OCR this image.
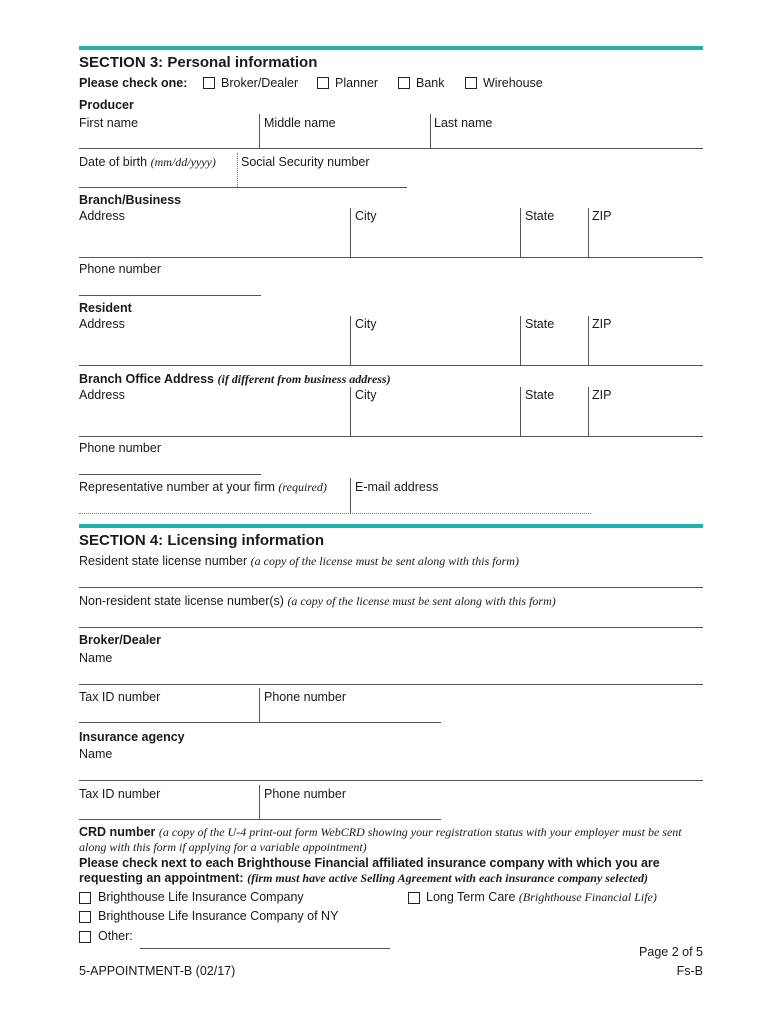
SECTION 3: Personal information
Please check one:	Broker/Dealer	Planner	Bank	Wirehouse
Producer
First name	Middle name	Last name
Date of birth (mm/dd/yyyy) Social Security number
Branch/Business
Address	City	State	ZIP
Phone number
Resident
Address	City	State	ZIP
Branch Office Address (if different from business address)
Address	City	State	ZIP
Phone number
Representative number at your firm (required) E-mail address
SECTION 4: Licensing information
Resident state license number (a copy of the license must be sent along with this form)
Non-resident state license number(s) (a copy of the license must be sent along with this form)
Broker/Dealer
Name
Tax ID number	Phone number
Insurance agency
Name
Tax ID number	Phone number
CRD number (a copy of the U-4 print-out form WebCRD showing your registration status with your employer must be sent along with this form if applying for a variable appointment)
Please check next to each Brighthouse Financial affiliated insurance company with which you are
requesting an appointment: (firm must have active Selling Agreement with each insurance company selected)
Brighthouse Life Insurance Company	Long Term Care (Brighthouse Financial Life)
Brighthouse Life Insurance Company of NY
Other:
Page 2 of 5
5-APPOINTMENT-B (02/17)	Fs-B
